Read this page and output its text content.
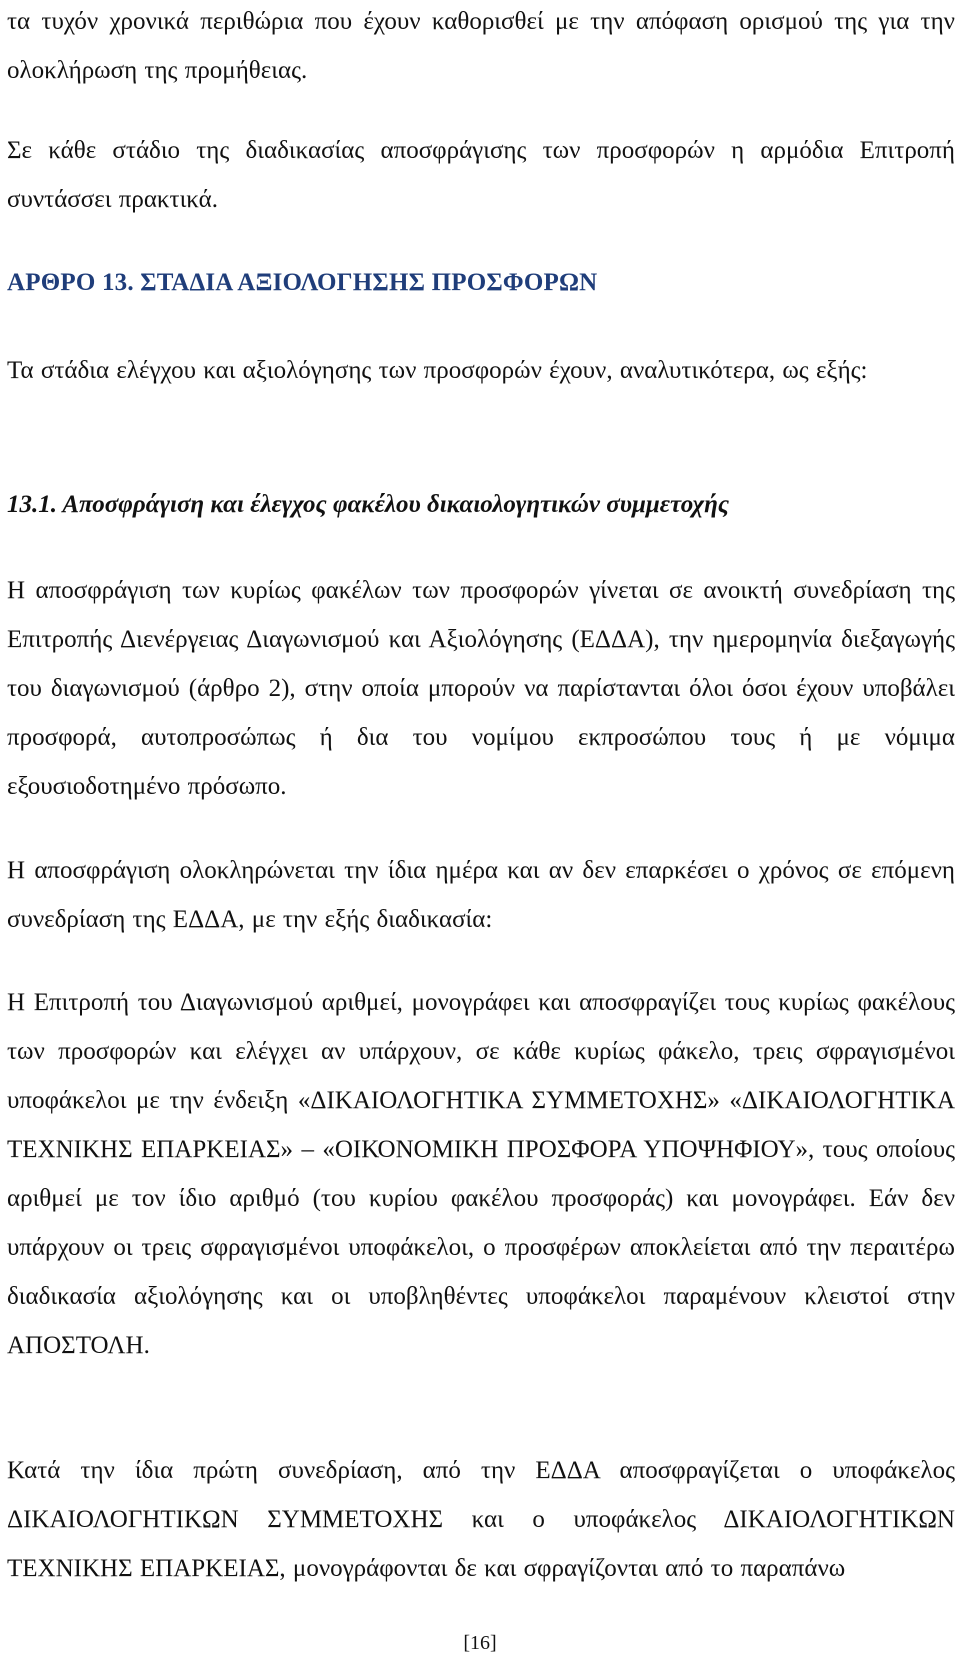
τα τυχόν χρονικά περιθώρια που έχουν καθορισθεί με την απόφαση ορισμού της για την ολοκλήρωση της προμήθειας.

Σε κάθε στάδιο της διαδικασίας αποσφράγισης των προσφορών η αρμόδια Επιτροπή συντάσσει πρακτικά.

ΑΡΘΡΟ 13. ΣΤΑΔΙΑ ΑΞΙΟΛΟΓΗΣΗΣ ΠΡΟΣΦΟΡΩΝ

Τα στάδια ελέγχου και αξιολόγησης των προσφορών έχουν, αναλυτικότερα, ως εξής:

13.1. Αποσφράγιση και έλεγχος φακέλου δικαιολογητικών συμμετοχής

Η αποσφράγιση των κυρίως φακέλων των προσφορών γίνεται σε ανοικτή συνεδρίαση της Επιτροπής Διενέργειας Διαγωνισμού και Αξιολόγησης (ΕΔΔΑ), την ημερομηνία διεξαγωγής του διαγωνισμού (άρθρο 2), στην οποία μπορούν να παρίστανται όλοι όσοι έχουν υποβάλει προσφορά, αυτοπροσώπως ή δια του νομίμου εκπροσώπου τους ή με νόμιμα εξουσιοδοτημένο πρόσωπο.

Η αποσφράγιση ολοκληρώνεται την ίδια ημέρα και αν δεν επαρκέσει ο χρόνος σε επόμενη συνεδρίαση της ΕΔΔΑ, με την εξής διαδικασία:

Η Επιτροπή του Διαγωνισμού αριθμεί, μονογράφει και αποσφραγίζει τους κυρίως φακέλους των προσφορών και ελέγχει αν υπάρχουν, σε κάθε κυρίως φάκελο, τρεις σφραγισμένοι υποφάκελοι με την ένδειξη «ΔΙΚΑΙΟΛΟΓΗΤΙΚΑ ΣΥΜΜΕΤΟΧΗΣ» «ΔΙΚΑΙΟΛΟΓΗΤΙΚΑ ΤΕΧΝΙΚΗΣ ΕΠΑΡΚΕΙΑΣ» – «ΟΙΚΟΝΟΜΙΚΗ ΠΡΟΣΦΟΡΑ ΥΠΟΨΗΦΙΟΥ», τους οποίους αριθμεί με τον ίδιο αριθμό (του κυρίου φακέλου προσφοράς) και μονογράφει. Εάν δεν υπάρχουν οι τρεις σφραγισμένοι υποφάκελοι, ο προσφέρων αποκλείεται από την περαιτέρω διαδικασία αξιολόγησης και οι υποβληθέντες υποφάκελοι παραμένουν κλειστοί στην ΑΠΟΣΤΟΛΗ.

Κατά την ίδια πρώτη συνεδρίαση, από την ΕΔΔΑ αποσφραγίζεται ο υποφάκελος ΔΙΚΑΙΟΛΟΓΗΤΙΚΩΝ ΣΥΜΜΕΤΟΧΗΣ και ο υποφάκελος ΔΙΚΑΙΟΛΟΓΗΤΙΚΩΝ ΤΕΧΝΙΚΗΣ ΕΠΑΡΚΕΙΑΣ, μονογράφονται δε και σφραγίζονται από το παραπάνω

[16]
